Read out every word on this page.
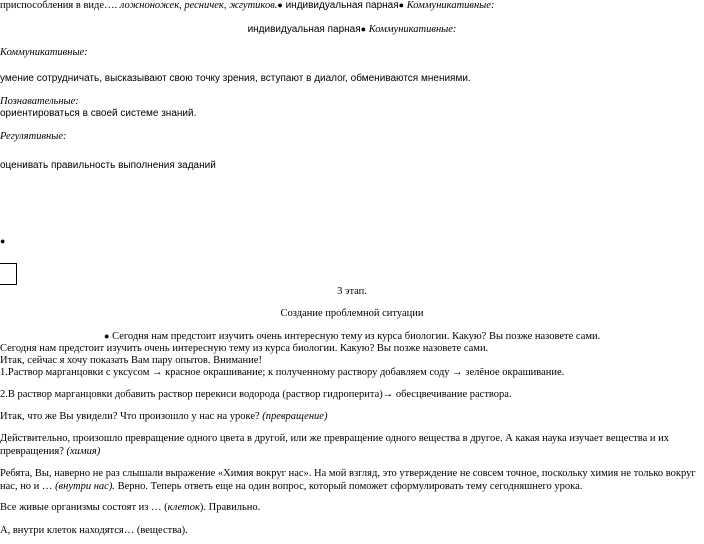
приспособления в виде…. ложноножек, ресничек, жгутиков.● индивидуальная парная● Коммуникативные:
индивидуальная парная● Коммуникативные:
Коммуникативные:
умение сотрудничать, высказывают свою точку зрения, вступают в диалог, обмениваются мнениями.
Познавательные:
ориентироваться в своей системе знаний.
Регулятивные:
оценивать правильность выполнения заданий
●
3 этап.
Создание проблемной ситуации
● Сегодня нам предстоит изучить очень интересную тему из курса биологии. Какую? Вы позже назовете сами.
Сегодня нам предстоит изучить очень интересную тему из курса биологии. Какую? Вы позже назовете сами.
Итак, сейчас я хочу показать Вам пару опытов. Внимание!
1.Раствор марганцовки с уксусом → красное окрашивание; к полученному раствору добавляем соду → зелёное окрашивание.
2.В раствор марганцовки добавить раствор перекиси водорода (раствор гидроперита)→ обесцвечивание раствора.
Итак, что же Вы увидели? Что произошло у нас на уроке? (превращение)
Действительно, произошло превращение одного цвета в другой, или же превращение одного вещества в другое. А какая наука изучает вещества и их превращения? (химия)
Ребята, Вы, наверно не раз слышали выражение «Химия вокруг нас». На мой взгляд, это утверждение не совсем точное, поскольку химия не только вокруг нас, но и … (внутри нас). Верно. Теперь ответь еще на один вопрос, который поможет сформулировать тему сегодняшнего урока.
Все живые организмы состоят из … (клеток). Правильно.
А, внутри клеток находятся… (вещества).
